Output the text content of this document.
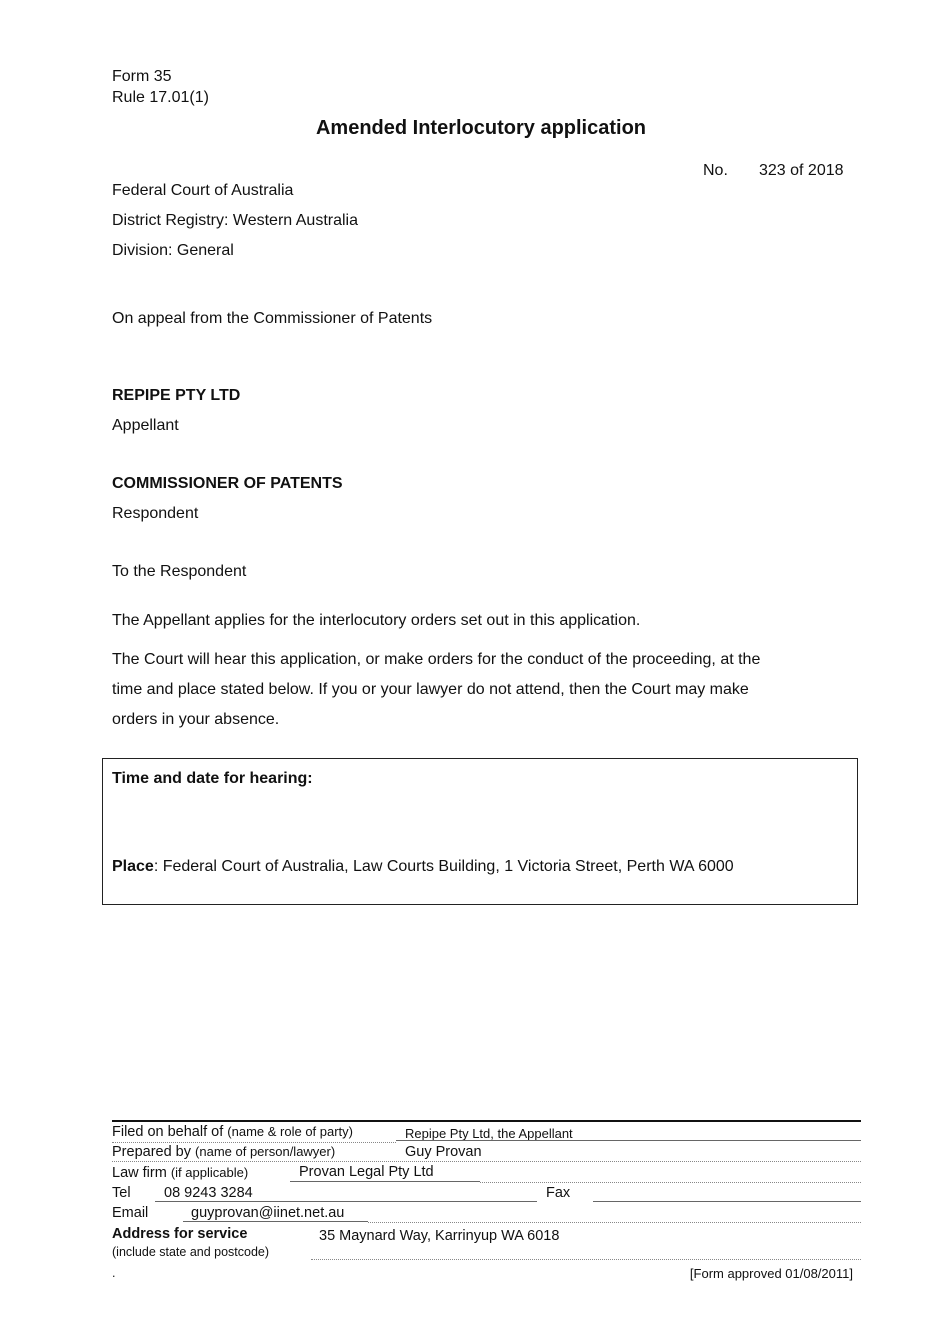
Form 35
Rule 17.01(1)
Amended Interlocutory application
No. 323 of 2018
Federal Court of Australia
District Registry: Western Australia
Division: General
On appeal from the Commissioner of Patents
REPIPE PTY LTD
Appellant
COMMISSIONER OF PATENTS
Respondent
To the Respondent
The Appellant applies for the interlocutory orders set out in this application.
The Court will hear this application, or make orders for the conduct of the proceeding, at the
time and place stated below. If you or your lawyer do not attend, then the Court may make
orders in your absence.
Time and date for hearing:
Place: Federal Court of Australia, Law Courts Building, 1 Victoria Street, Perth WA 6000
Filed on behalf of (name & role of party)	Repipe Pty Ltd, the Appellant
Prepared by (name of person/lawyer)	Guy Provan
Law firm (if applicable)	Provan Legal Pty Ltd
Tel 08 9243 3284	Fax
Email	guyprovan@iinet.net.au
Address for service
(include state and postcode)
35 Maynard Way, Karrinyup WA 6018
.	[Form approved 01/08/2011]
